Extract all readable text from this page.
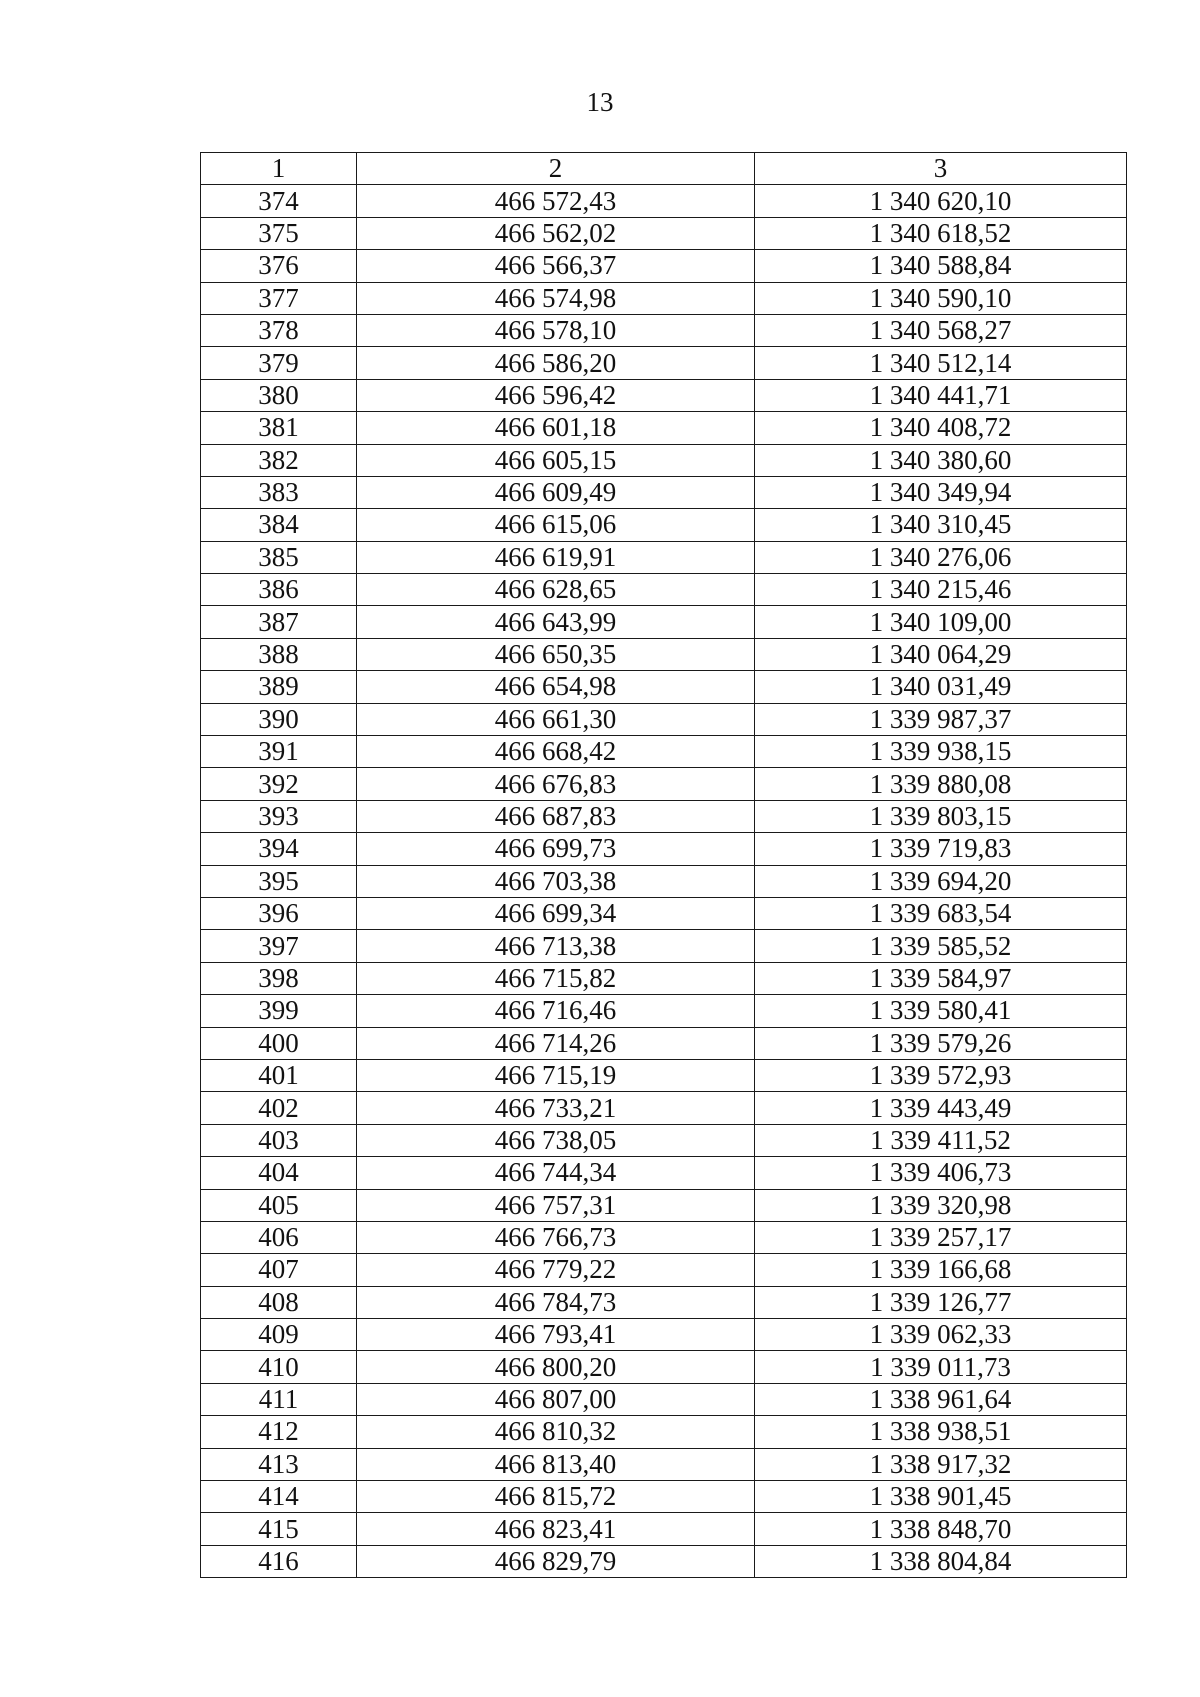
13
1	2	3
374	466 572,43	1 340 620,10
375	466 562,02	1 340 618,52
376	466 566,37	1 340 588,84
377	466 574,98	1 340 590,10
378	466 578,10	1 340 568,27
379	466 586,20	1 340 512,14
380	466 596,42	1 340 441,71
381	466 601,18	1 340 408,72
382	466 605,15	1 340 380,60
383	466 609,49	1 340 349,94
384	466 615,06	1 340 310,45
385	466 619,91	1 340 276,06
386	466 628,65	1 340 215,46
387	466 643,99	1 340 109,00
388	466 650,35	1 340 064,29
389	466 654,98	1 340 031,49
390	466 661,30	1 339 987,37
391	466 668,42	1 339 938,15
392	466 676,83	1 339 880,08
393	466 687,83	1 339 803,15
394	466 699,73	1 339 719,83
395	466 703,38	1 339 694,20
396	466 699,34	1 339 683,54
397	466 713,38	1 339 585,52
398	466 715,82	1 339 584,97
399	466 716,46	1 339 580,41
400	466 714,26	1 339 579,26
401	466 715,19	1 339 572,93
402	466 733,21	1 339 443,49
403	466 738,05	1 339 411,52
404	466 744,34	1 339 406,73
405	466 757,31	1 339 320,98
406	466 766,73	1 339 257,17
407	466 779,22	1 339 166,68
408	466 784,73	1 339 126,77
409	466 793,41	1 339 062,33
410	466 800,20	1 339 011,73
411	466 807,00	1 338 961,64
412	466 810,32	1 338 938,51
413	466 813,40	1 338 917,32
414	466 815,72	1 338 901,45
415	466 823,41	1 338 848,70
416	466 829,79	1 338 804,84
